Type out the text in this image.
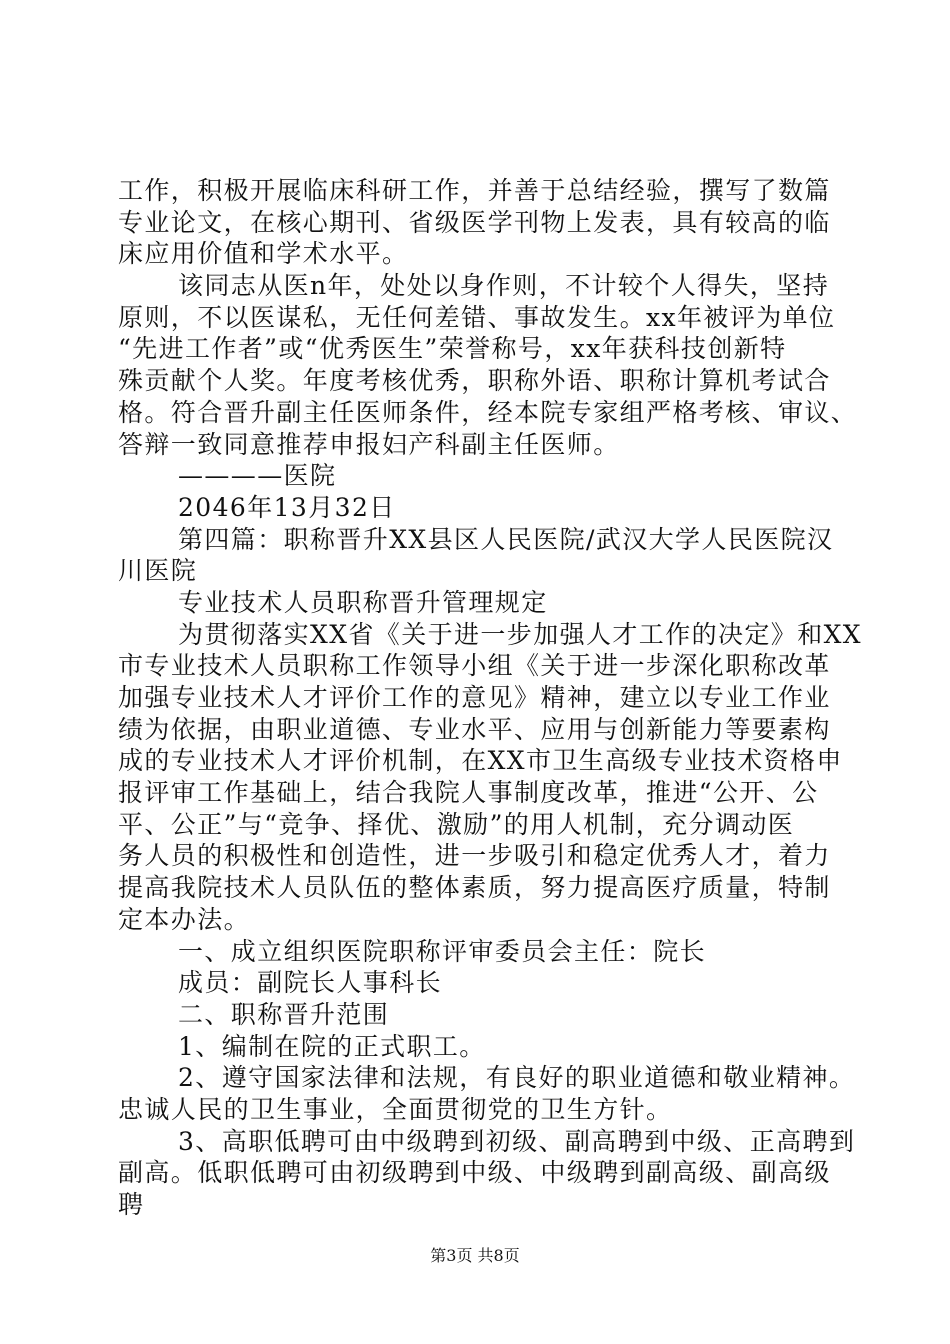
工作，积极开展临床科研工作，并善于总结经验，撰写了数篇
专业论文，在核心期刊、省级医学刊物上发表，具有较高的临
床应用价值和学术水平。
该同志从医n年，处处以身作则，不计较个人得失，坚持
原则，不以医谋私，无任何差错、事故发生。xx年被评为单位
“先进工作者”或“优秀医生”荣誉称号，xx年获科技创新特
殊贡献个人奖。年度考核优秀，职称外语、职称计算机考试合
格。符合晋升副主任医师条件，经本院专家组严格考核、审议、
答辩一致同意推荐申报妇产科副主任医师。
————医院
2046年13月32日
第四篇：职称晋升XX县区人民医院/武汉大学人民医院汉
川医院
专业技术人员职称晋升管理规定
为贯彻落实XX省《关于进一步加强人才工作的决定》和XX
市专业技术人员职称工作领导小组《关于进一步深化职称改革
加强专业技术人才评价工作的意见》精神，建立以专业工作业
绩为依据，由职业道德、专业水平、应用与创新能力等要素构
成的专业技术人才评价机制，在XX市卫生高级专业技术资格申
报评审工作基础上，结合我院人事制度改革，推进“公开、公
平、公正”与“竞争、择优、激励”的用人机制，充分调动医
务人员的积极性和创造性，进一步吸引和稳定优秀人才，着力
提高我院技术人员队伍的整体素质，努力提高医疗质量，特制
定本办法。
一、成立组织医院职称评审委员会主任：院长
成员：副院长人事科长
二、职称晋升范围
1、编制在院的正式职工。
2、遵守国家法律和法规，有良好的职业道德和敬业精神。
忠诚人民的卫生事业，全面贯彻党的卫生方针。
3、高职低聘可由中级聘到初级、副高聘到中级、正高聘到
副高。低职低聘可由初级聘到中级、中级聘到副高级、副高级
聘
第3页 共8页
